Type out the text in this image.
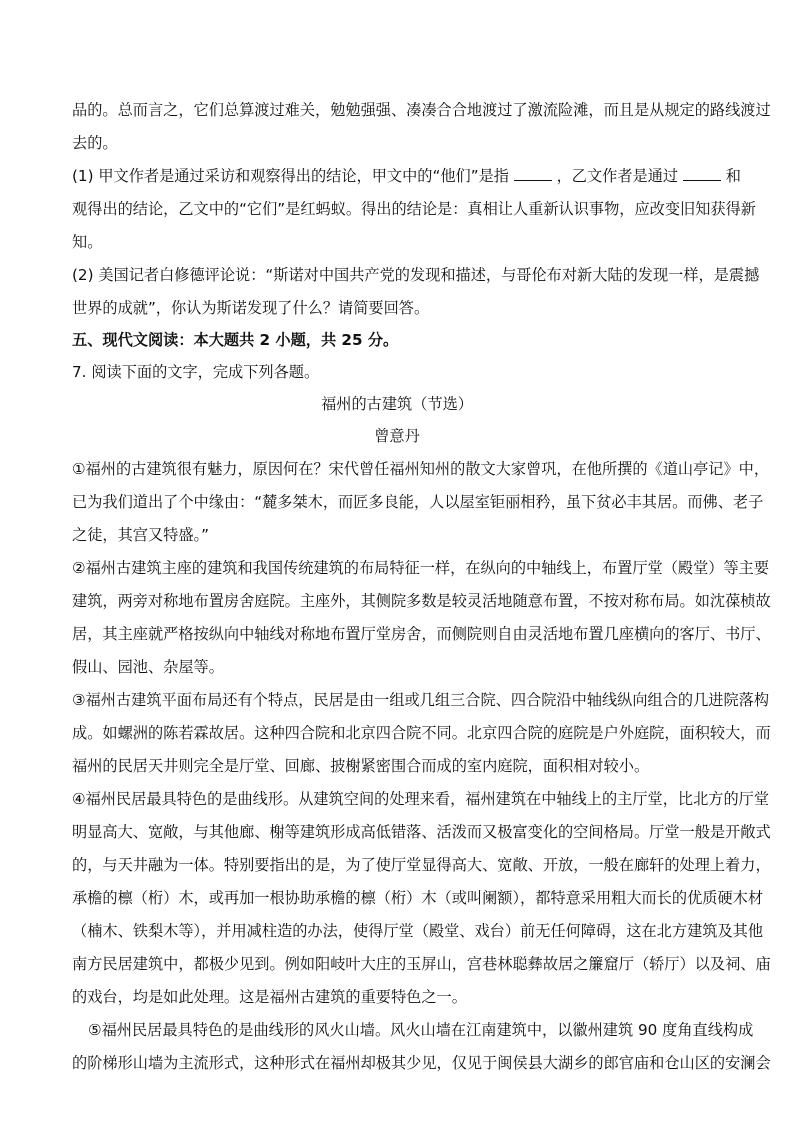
品的。总而言之，它们总算渡过难关，勉勉强强、凑凑合合地渡过了激流险滩，而且是从规定的路线渡过
去的。
(1) 甲文作者是通过采访和观察得出的结论，甲文中的“他们”是指	，乙文作者是通过	和
观得出的结论，乙文中的“它们”是红蚂蚁。得出的结论是：真相让人重新认识事物，应改变旧知获得新
知。
(2) 美国记者白修德评论说：“斯诺对中国共产党的发现和描述，与哥伦布对新大陆的发现一样，是震撼
世界的成就”，你认为斯诺发现了什么？请简要回答。
五、现代文阅读：本大题共 2 小题，共 25 分。
7. 阅读下面的文字，完成下列各题。
福州的古建筑（节选）
曾意丹
①福州的古建筑很有魅力，原因何在？宋代曾任福州知州的散文大家曾巩，在他所撰的《道山亭记》中，
已为我们道出了个中缘由：“麓多桀木，而匠多良能，人以屋室钜丽相矜，虽下贫必丰其居。而佛、老子
之徒，其宫又特盛。”
②福州古建筑主座的建筑和我国传统建筑的布局特征一样，在纵向的中轴线上，布置厅堂（殿堂）等主要
建筑，两旁对称地布置房舍庭院。主座外，其侧院多数是较灵活地随意布置，不按对称布局。如沈葆桢故
居，其主座就严格按纵向中轴线对称地布置厅堂房舍，而侧院则自由灵活地布置几座横向的客厅、书厅、
假山、园池、杂屋等。
③福州古建筑平面布局还有个特点，民居是由一组或几组三合院、四合院沿中轴线纵向组合的几进院落构
成。如螺洲的陈若霖故居。这种四合院和北京四合院不同。北京四合院的庭院是户外庭院，面积较大，而
福州的民居天井则完全是厅堂、回廊、披榭紧密围合而成的室内庭院，面积相对较小。
④福州民居最具特色的是曲线形。从建筑空间的处理来看，福州建筑在中轴线上的主厅堂，比北方的厅堂
明显高大、宽敞，与其他廊、榭等建筑形成高低错落、活泼而又极富变化的空间格局。厅堂一般是开敞式
的，与天井融为一体。特别要指出的是，为了使厅堂显得高大、宽敞、开放，一般在廊轩的处理上着力，
承檐的檩（桁）木，或再加一根协助承檐的檩（桁）木（或叫阑额），都特意采用粗大而长的优质硬木材
（楠木、铁梨木等），并用减柱造的办法，使得厅堂（殿堂、戏台）前无任何障碍，这在北方建筑及其他
南方民居建筑中，都极少见到。例如阳岐叶大庄的玉屏山，宫巷林聪彝故居之簾窟厅（轿厅）以及祠、庙
的戏台，均是如此处理。这是福州古建筑的重要特色之一。
⑤福州民居最具特色的是曲线形的风火山墙。风火山墙在江南建筑中，以徽州建筑 90 度角直线构成
的阶梯形山墙为主流形式，这种形式在福州却极其少见，仅见于闽侯县大湖乡的郎官庙和仓山区的安澜会
